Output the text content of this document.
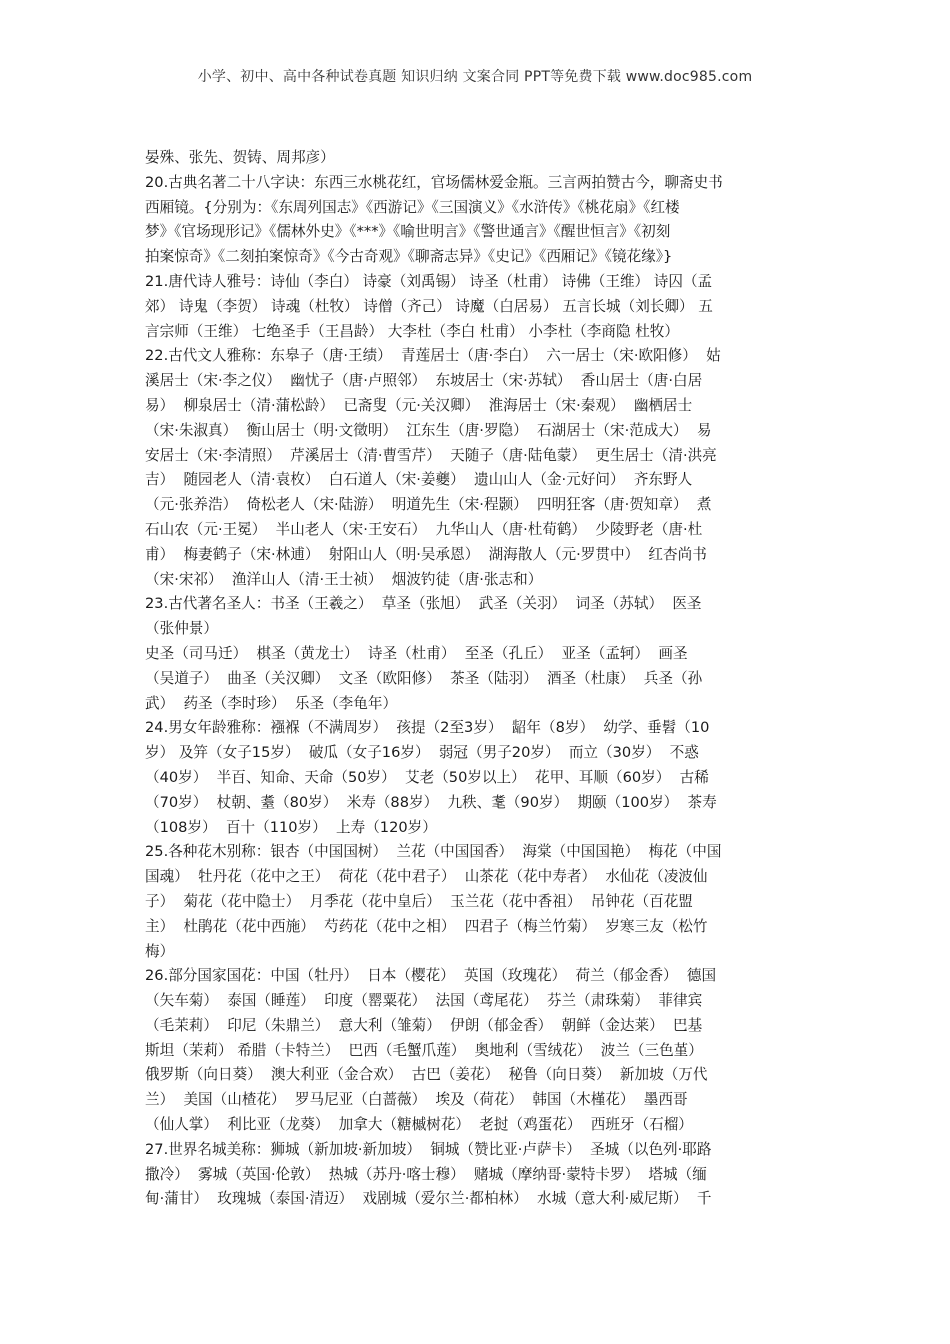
小学、初中、高中各种试卷真题 知识归纳 文案合同 PPT等免费下载 www.doc985.com
晏殊、张先、贺铸、周邦彦）
20.古典名著二十八字诀：东西三水桃花红，官场儒林爱金瓶。三言两拍赞古今，聊斋史书
西厢镜。{分别为：《东周列国志》《西游记》《三国演义》《水浒传》《桃花扇》《红楼
梦》《官场现形记》《儒林外史》《***》《喻世明言》《警世通言》《醒世恒言》《初刻
拍案惊奇》《二刻拍案惊奇》《今古奇观》《聊斋志异》《史记》《西厢记》《镜花缘》}
21.唐代诗人雅号：诗仙（李白） 诗豪（刘禹锡） 诗圣（杜甫） 诗佛（王维） 诗囚（孟
郊） 诗鬼（李贺） 诗魂（杜牧） 诗僧（齐己） 诗魔（白居易） 五言长城（刘长卿） 五
言宗师（王维） 七绝圣手（王昌龄） 大李杜（李白 杜甫） 小李杜（李商隐 杜牧）
22.古代文人雅称：东皋子（唐·王绩）  青莲居士（唐·李白）  六一居士（宋·欧阳修）  姑
溪居士（宋·李之仪）  幽忧子（唐·卢照邻）  东坡居士（宋·苏轼）  香山居士（唐·白居
易）  柳泉居士（清·蒲松龄）  已斋叟（元·关汉卿）  淮海居士（宋·秦观）  幽栖居士
（宋·朱淑真）  衡山居士（明·文徵明）  江东生（唐·罗隐）  石湖居士（宋·范成大）  易
安居士（宋·李清照）  芹溪居士（清·曹雪芹）  天随子（唐·陆龟蒙）  更生居士（清·洪亮
吉）  随园老人（清·袁枚）  白石道人（宋·姜夔）  遗山山人（金·元好问）  齐东野人
（元·张养浩）  倚松老人（宋·陆游）  明道先生（宋·程颢）  四明狂客（唐·贺知章）  煮
石山农（元·王冕）  半山老人（宋·王安石）  九华山人（唐·杜荀鹤）  少陵野老（唐·杜
甫）  梅妻鹤子（宋·林逋）  射阳山人（明·吴承恩）  湖海散人（元·罗贯中）  红杏尚书
（宋·宋祁）  渔洋山人（清·王士祯）  烟波钓徒（唐·张志和）
23.古代著名圣人：书圣（王羲之）  草圣（张旭）  武圣（关羽）  词圣（苏轼）  医圣
（张仲景）
史圣（司马迁）  棋圣（黄龙士）  诗圣（杜甫）  至圣（孔丘）  亚圣（孟轲）  画圣
（吴道子）  曲圣（关汉卿）  文圣（欧阳修）  茶圣（陆羽）  酒圣（杜康）  兵圣（孙
武）  药圣（李时珍）  乐圣（李龟年）
24.男女年龄雅称：襁褓（不满周岁）  孩提（2至3岁）  龆年（8岁）  幼学、垂髫（10
岁） 及笄（女子15岁）  破瓜（女子16岁）  弱冠（男子20岁）  而立（30岁）  不惑
（40岁）  半百、知命、天命（50岁）  艾老（50岁以上）  花甲、耳顺（60岁）  古稀
（70岁）  杖朝、耋（80岁）  米寿（88岁）  九秩、耄（90岁）  期颐（100岁）  茶寿
（108岁）  百十（110岁）  上寿（120岁）
25.各种花木别称：银杏（中国国树）  兰花（中国国香）  海棠（中国国艳）  梅花（中国
国魂）  牡丹花（花中之王）  荷花（花中君子）  山茶花（花中寿者）  水仙花（凌波仙
子）  菊花（花中隐士）  月季花（花中皇后）  玉兰花（花中香祖）  吊钟花（百花盟
主）  杜鹃花（花中西施）  芍药花（花中之相）  四君子（梅兰竹菊）  岁寒三友（松竹
梅）
26.部分国家国花：中国（牡丹）  日本（樱花）  英国（玫瑰花）  荷兰（郁金香）  德国
（矢车菊）  泰国（睡莲）  印度（罂粟花）  法国（鸢尾花）  芬兰（肃珠菊）  菲律宾
（毛茉莉）  印尼（朱鼎兰）  意大利（雏菊）  伊朗（郁金香）  朝鲜（金达莱）  巴基
斯坦（茉莉） 希腊（卡特兰）  巴西（毛蟹爪莲）  奥地利（雪绒花）  波兰（三色堇）
俄罗斯（向日葵）  澳大利亚（金合欢）  古巴（姜花）  秘鲁（向日葵）  新加坡（万代
兰）  美国（山楂花）  罗马尼亚（白蔷薇）  埃及（荷花）  韩国（木槿花）  墨西哥
（仙人掌）  利比亚（龙葵）  加拿大（糖槭树花）  老挝（鸡蛋花）  西班牙（石榴）
27.世界名城美称：狮城（新加坡·新加坡）  铜城（赞比亚·卢萨卡）  圣城（以色列·耶路
撒冷）  雾城（英国·伦敦）  热城（苏丹·喀士穆）  赌城（摩纳哥·蒙特卡罗）  塔城（缅
甸·蒲甘）  玫瑰城（泰国·清迈）  戏剧城（爱尔兰·都柏林）  水城（意大利·威尼斯）  千
